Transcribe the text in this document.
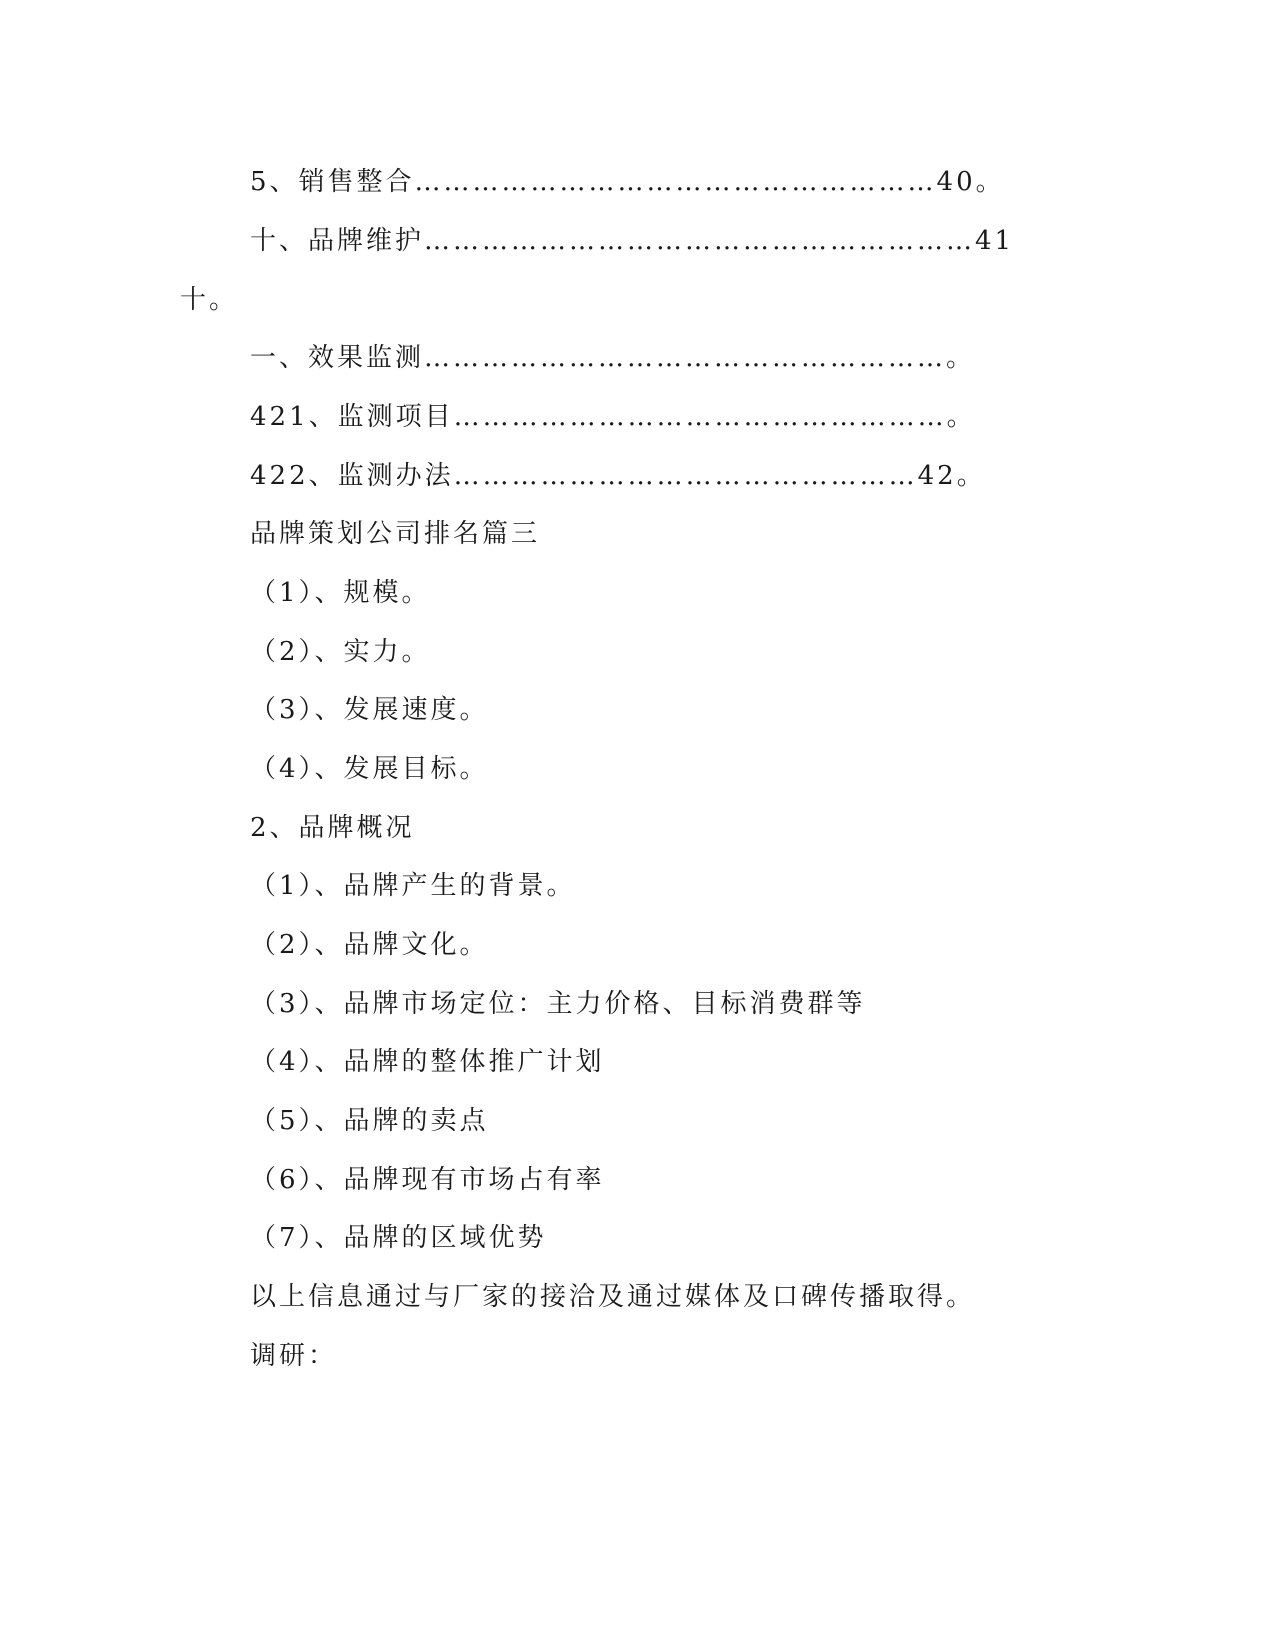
5、销售整合………………………………………………40。
十、品牌维护…………………………………………………41
十。
一、效果监测………………………………………………。
421、监测项目……………………………………………。
422、监测办法…………………………………………42。
品牌策划公司排名篇三
（1）、规模。
（2）、实力。
（3）、发展速度。
（4）、发展目标。
2、品牌概况
（1）、品牌产生的背景。
（2）、品牌文化。
（3）、品牌市场定位：主力价格、目标消费群等
（4）、品牌的整体推广计划
（5）、品牌的卖点
（6）、品牌现有市场占有率
（7）、品牌的区域优势
以上信息通过与厂家的接洽及通过媒体及口碑传播取得。
调研：
